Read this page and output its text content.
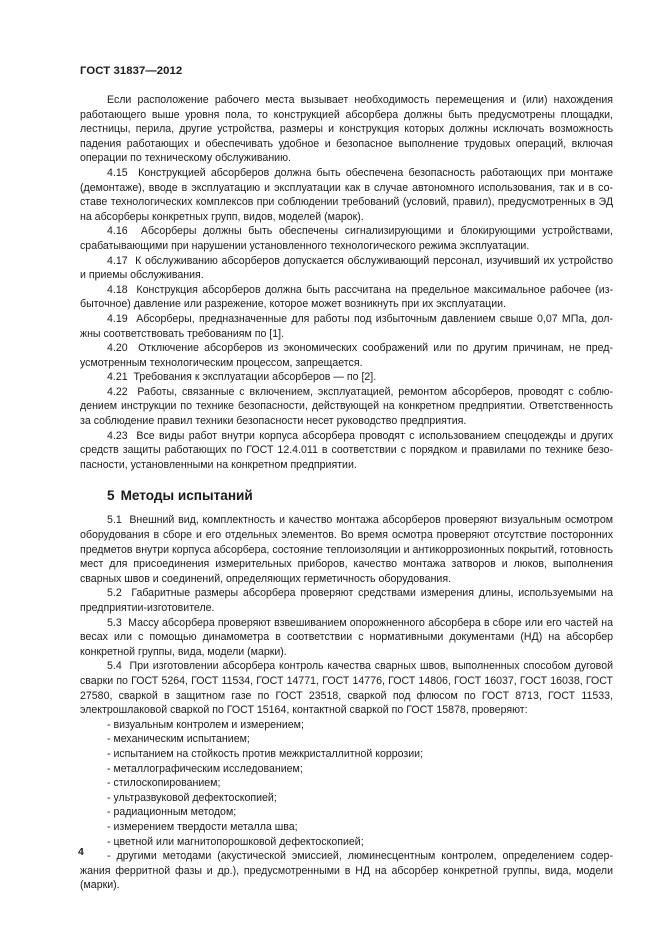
ГОСТ 31837—2012

Если расположение рабочего места вызывает необходимость перемещения и (или) нахождения работающего выше уровня пола, то конструкцией абсорбера должны быть предусмотрены площадки, лестницы, перила, другие устройства, размеры и конструкция которых должны исключать возможность падения работающих и обеспечивать удобное и безопасное выполнение трудовых операций, включая операции по техническому обслуживанию.

4.15 Конструкцией абсорберов должна быть обеспечена безопасность работающих при монтаже (демонтаже), вводе в эксплуатацию и эксплуатации как в случае автономного использования, так и в составе технологических комплексов при соблюдении требований (условий, правил), предусмотренных в ЭД на абсорберы конкретных групп, видов, моделей (марок).

4.16 Абсорберы должны быть обеспечены сигнализирующими и блокирующими устройствами, срабатывающими при нарушении установленного технологического режима эксплуатации.

4.17 К обслуживанию абсорберов допускается обслуживающий персонал, изучивший их устройство и приемы обслуживания.

4.18 Конструкция абсорберов должна быть рассчитана на предельное максимальное рабочее (избыточное) давление или разрежение, которое может возникнуть при их эксплуатации.

4.19 Абсорберы, предназначенные для работы под избыточным давлением свыше 0,07 МПа, должны соответствовать требованиям по [1].

4.20 Отключение абсорберов из экономических соображений или по другим причинам, не предусмотренным технологическим процессом, запрещается.

4.21 Требования к эксплуатации абсорберов — по [2].

4.22 Работы, связанные с включением, эксплуатацией, ремонтом абсорберов, проводят с соблюдением инструкции по технике безопасности, действующей на конкретном предприятии. Ответственность за соблюдение правил техники безопасности несет руководство предприятия.

4.23 Все виды работ внутри корпуса абсорбера проводят с использованием спецодежды и других средств защиты работающих по ГОСТ 12.4.011 в соответствии с порядком и правилами по технике безопасности, установленными на конкретном предприятии.

5 Методы испытаний

5.1 Внешний вид, комплектность и качество монтажа абсорберов проверяют визуальным осмотром оборудования в сборе и его отдельных элементов. Во время осмотра проверяют отсутствие посторонних предметов внутри корпуса абсорбера, состояние теплоизоляции и антикоррозионных покрытий, готовность мест для присоединения измерительных приборов, качество монтажа затворов и люков, выполнения сварных швов и соединений, определяющих герметичность оборудования.

5.2 Габаритные размеры абсорбера проверяют средствами измерения длины, используемыми на предприятии-изготовителе.

5.3 Массу абсорбера проверяют взвешиванием опорожненного абсорбера в сборе или его частей на весах или с помощью динамометра в соответствии с нормативными документами (НД) на абсорбер конкретной группы, вида, модели (марки).

5.4 При изготовлении абсорбера контроль качества сварных швов, выполненных способом дуговой сварки по ГОСТ 5264, ГОСТ 11534, ГОСТ 14771, ГОСТ 14776, ГОСТ 14806, ГОСТ 16037, ГОСТ 16038, ГОСТ 27580, сваркой в защитном газе по ГОСТ 23518, сваркой под флюсом по ГОСТ 8713, ГОСТ 11533, электрошлаковой сваркой по ГОСТ 15164, контактной сваркой по ГОСТ 15878, проверяют:

- визуальным контролем и измерением;

- механическим испытанием;

- испытанием на стойкость против межкристаллитной коррозии;

- металлографическим исследованием;

- стилоскопированием;

- ультразвуковой дефектоскопией;

- радиационным методом;

- измерением твердости металла шва;

- цветной или магнитопорошковой дефектоскопией;

- другими методами (акустической эмиссией, люминесцентным контролем, определением содержания ферритной фазы и др.), предусмотренными в НД на абсорбер конкретной группы, вида, модели (марки).

4
